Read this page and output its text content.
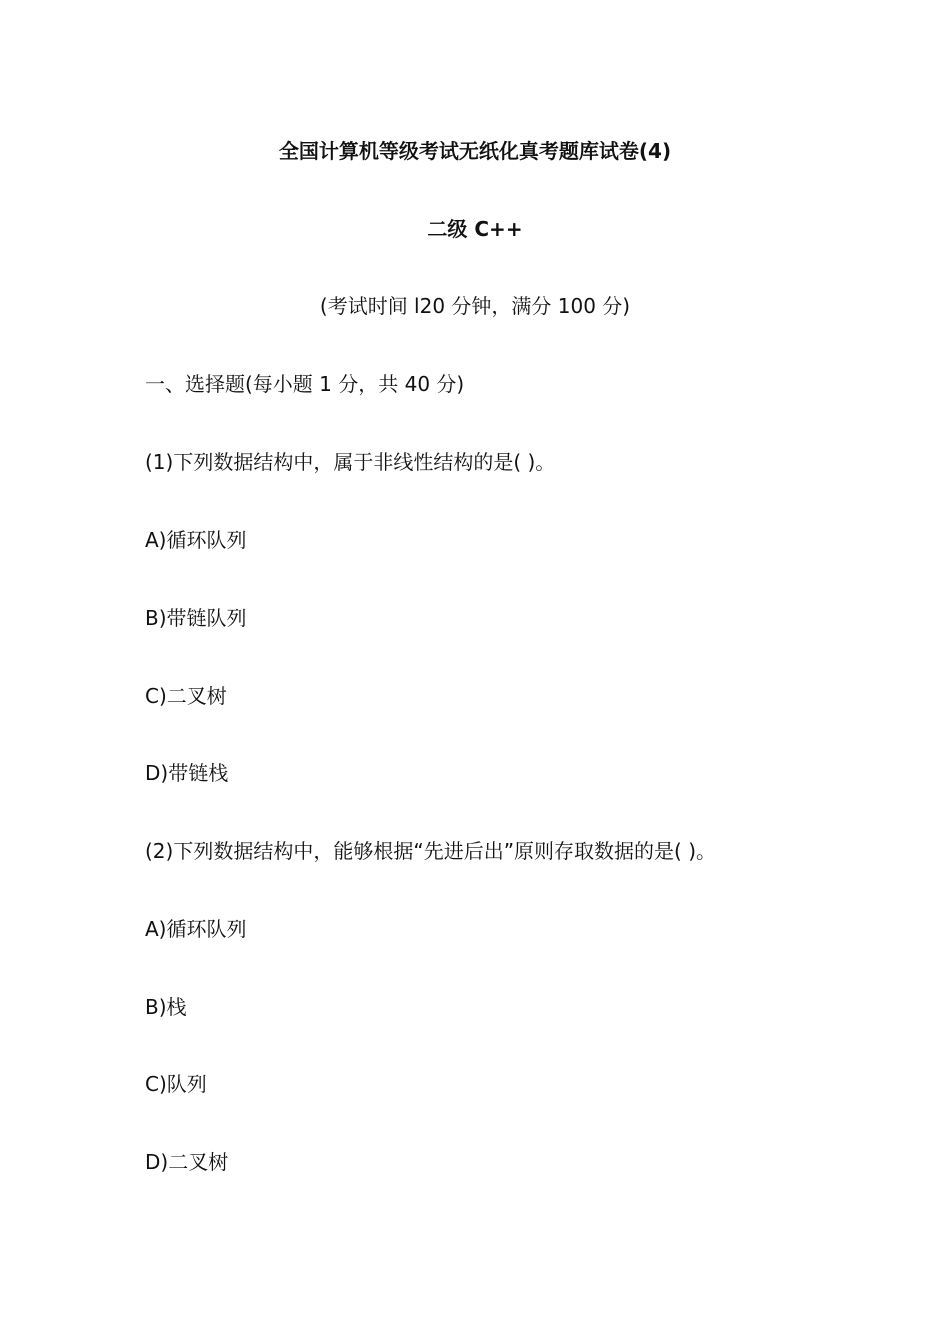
全国计算机等级考试无纸化真考题库试卷(4)
二级 C++
(考试时间 l20 分钟，满分 100 分)
一、选择题(每小题 1 分，共 40 分)
(1)下列数据结构中，属于非线性结构的是( )。
A)循环队列
B)带链队列
C)二叉树
D)带链栈
(2)下列数据结构中，能够根据“先进后出”原则存取数据的是( )。
A)循环队列
B)栈
C)队列
D)二叉树
